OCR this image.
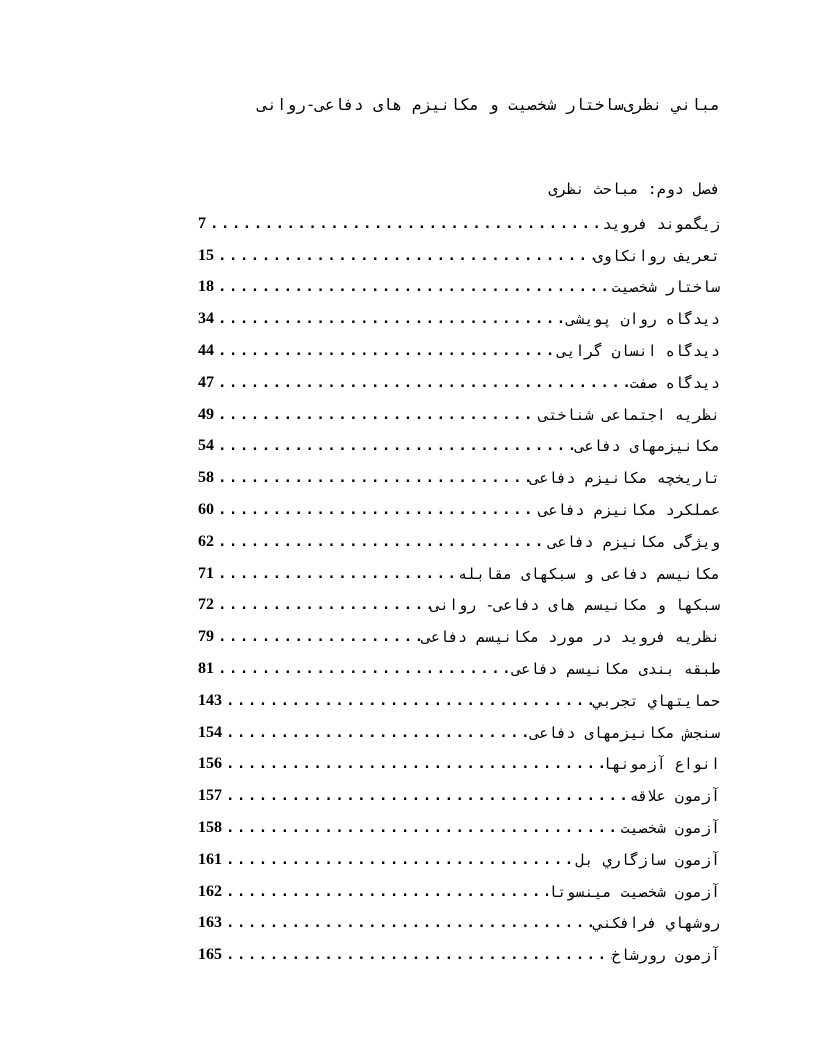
مباني نظری‌ساختار شخصیت و مکانیزم های دفاعی-روانی
فصل دوم: مباحث نظری
7 .....	زیگموند فروید
15 .....	تعریف روانکاوی
18 .....	ساختار شخصیت
34 .....	دیدگاه روان پویشی
44 .....	دیدگاه انسان گرایی
47 .....	دیدگاه صفت
49 .....	نظریه اجتماعی شناختی
54 .....	مکانیزمهای دفاعی
58 .....	تاریخچه مکانیزم دفاعی
60 .....	عملکرد مکانیزم دفاعی
62 .....	ویژگی مکانیزم دفاعی
71 .....	مکانیسم دفاعی و سبکهای مقابله
72 .....	سبکها و مکانیسم های دفاعی- روانی
79 .....	نظریه فروید در مورد مکانیسم دفاعی
81 .....	طبقه بندی مکانیسم دفاعی
143 .....	حمايتهاي تجربي
154 .....	سنجش مکانیزمهای دفاعی
156 .....	انواع آزمونها
157 .....	آزمون علاقه
158 .....	آزمون شخصیت
161 .....	آزمون سازگاري بل
162 .....	آزمون شخصیت مینسوتا
163 .....	روشهاي فرافكني
165 .....	آزمون رورشاخ
